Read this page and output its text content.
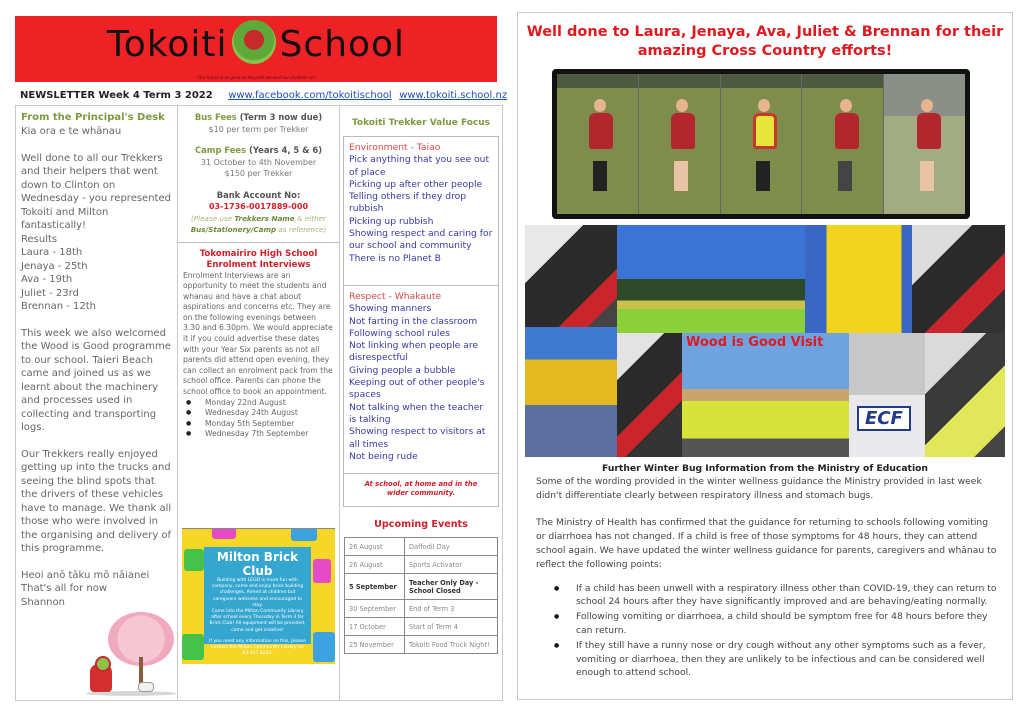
Tokoiti School
"Our future is as good as the path we lead our students on"
NEWSLETTER Week 4 Term 3 2022 www.facebook.com/tokoitischool www.tokoiti.school.nz
From the Principal's Desk

Kia ora e te whānau

Well done to all our Trekkers and their helpers that went down to Clinton on Wednesday - you represented Tokoiti and Milton fantastically!

Results

Laura - 18th

Jenaya - 25th

Ava - 19th

Juliet - 23rd

Brennan - 12th

This week we also welcomed the Wood is Good programme to our school. Taieri Beach came and joined us as we learnt about the machinery and processes used in collecting and transporting logs.

Our Trekkers really enjoyed getting up into the trucks and seeing the blind spots that the drivers of these vehicles have to manage. We thank all those who were involved in the organising and delivery of this programme.

Heoi anō tāku mō nāianei

That's all for now

Shannon

Bus Fees (Term 3 now due)
$10 per term per Trekker
Camp Fees (Years 4, 5 & 6)
31 October to 4th November
$150 per Trekker
Bank Account No:
03-1736-0017889-000
(Please use Trekkers Name & either Bus/Stationery/Camp as reference)
Tokomairiro High School
Enrolment Interviews

Enrolment Interviews are an opportunity to meet the students and whanau and have a chat about aspirations and concerns etc. They are on the following evenings between 3.30 and 6.30pm. We would appreciate it if you could advertise these dates with your Year Six parents as not all parents did attend open evening, they can collect an enrolment pack from the school office. Parents can phone the school office to book an appointment.

● Monday 22nd August
● Wednesday 24th August
● Monday 5th September
● Wednesday 7th September
Milton Brick Club

Building with LEGO is more fun with company, come and enjoy brick building challenges. Aimed at children but caregivers welcome and encouraged to stay.

Come into the Milton Community Library after school every Thursday in Term 3 for Brick Club! All equipment will be provided, come and get creative!

If you need any information on this, please contact the Milton Community Library on 03 417 8220.

Tokoiti Trekker Value Focus
Environment - Taiao
Pick anything that you see out of place
Picking up after other people
Telling others if they drop rubbish
Picking up rubbish
Showing respect and caring for our school and community
There is no Planet B
Respect - Whakaute
Showing manners
Not farting in the classroom
Following school rules
Not linking when people are disrespectful
Giving people a bubble
Keeping out of other people's spaces
Not talking when the teacher is talking
Showing respect to visitors at all times
Not being rude
At school, at home and in the wider community.
Upcoming Events
26 August	Daffodil Day
26 August	Sports Activator
5 September	Teacher Only Day - School Closed
30 September	End of Term 3
17 October	Start of Term 4
25 November	Tokoiti Food Truck Night!
Well done to Laura, Jenaya, Ava, Juliet & Brennan for their
amazing Cross Country efforts!
ECF
Wood is Good Visit
Further Winter Bug Information from the Ministry of Education

Some of the wording provided in the winter wellness guidance the Ministry provided in last week didn't differentiate clearly between respiratory illness and stomach bugs.

The Ministry of Health has confirmed that the guidance for returning to schools following vomiting or diarrhoea has not changed. If a child is free of those symptoms for 48 hours, they can attend school again. We have updated the winter wellness guidance for parents, caregivers and whānau to reflect the following points:

● If a child has been unwell with a respiratory illness other than COVID-19, they can return to school 24 hours after they have significantly improved and are behaving/eating normally.
● Following vomiting or diarrhoea, a child should be symptom free for 48 hours before they can return.
● If they still have a runny nose or dry cough without any other symptoms such as a fever, vomiting or diarrhoea, then they are unlikely to be infectious and can be considered well enough to attend school.
